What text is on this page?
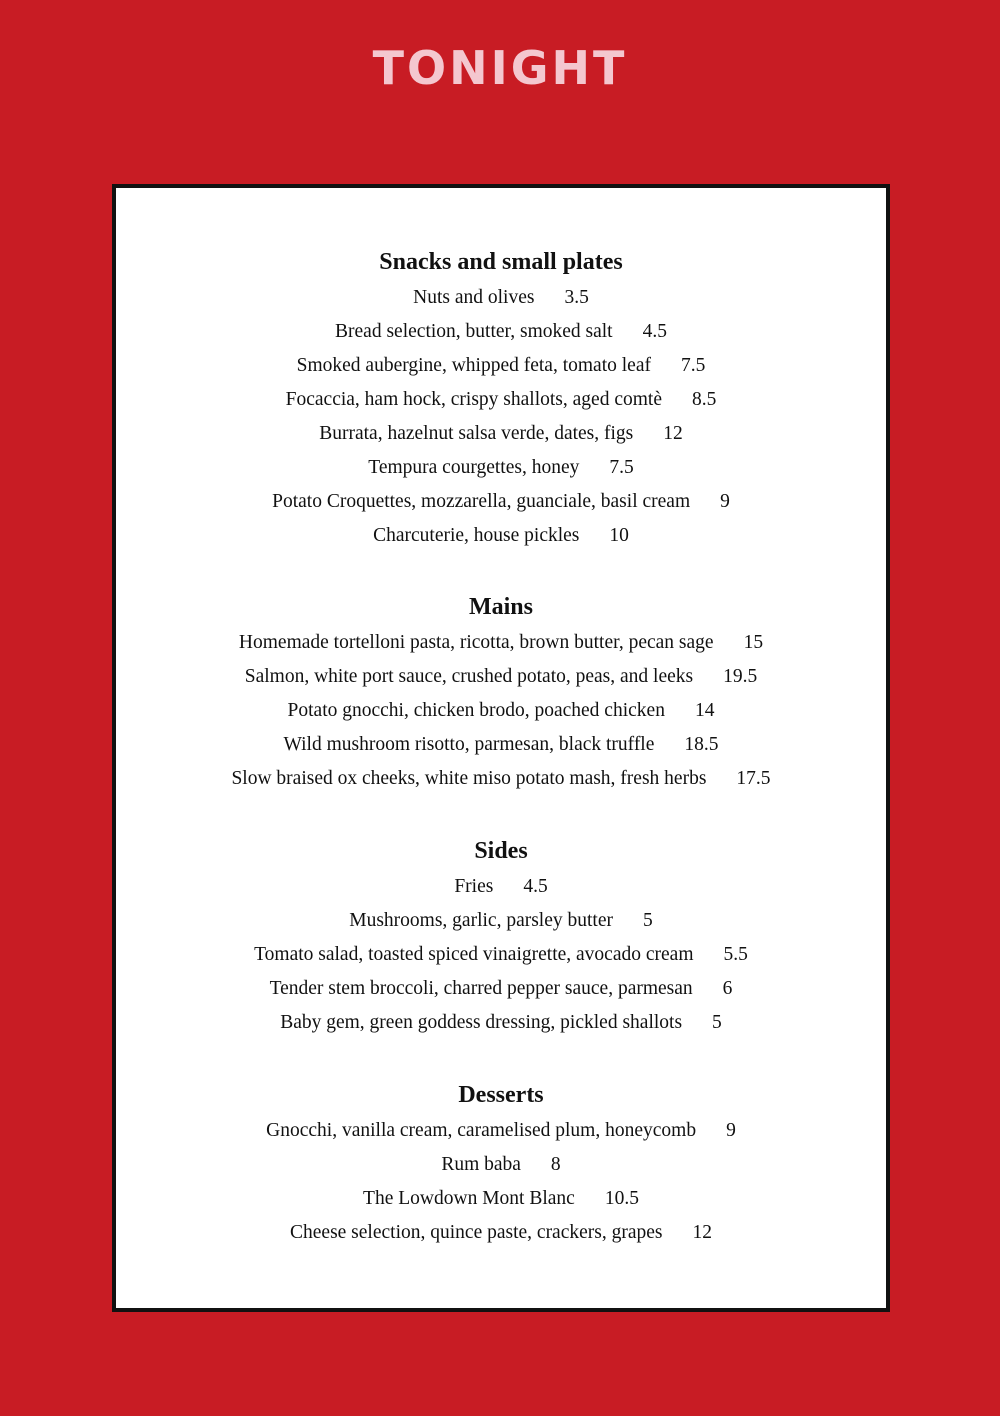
TONIGHT
Snacks and small plates
Nuts and olives 3.5
Bread selection, butter, smoked salt 4.5
Smoked aubergine, whipped feta, tomato leaf 7.5
Focaccia, ham hock, crispy shallots, aged comtè 8.5
Burrata, hazelnut salsa verde, dates, figs 12
Tempura courgettes, honey 7.5
Potato Croquettes, mozzarella, guanciale, basil cream 9
Charcuterie, house pickles 10
Mains
Homemade tortelloni pasta, ricotta, brown butter, pecan sage 15
Salmon, white port sauce, crushed potato, peas, and leeks 19.5
Potato gnocchi, chicken brodo, poached chicken 14
Wild mushroom risotto, parmesan, black truffle 18.5
Slow braised ox cheeks, white miso potato mash, fresh herbs 17.5
Sides
Fries 4.5
Mushrooms, garlic, parsley butter 5
Tomato salad, toasted spiced vinaigrette, avocado cream 5.5
Tender stem broccoli, charred pepper sauce, parmesan 6
Baby gem, green goddess dressing, pickled shallots 5
Desserts
Gnocchi, vanilla cream, caramelised plum, honeycomb 9
Rum baba 8
The Lowdown Mont Blanc 10.5
Cheese selection, quince paste, crackers, grapes 12
